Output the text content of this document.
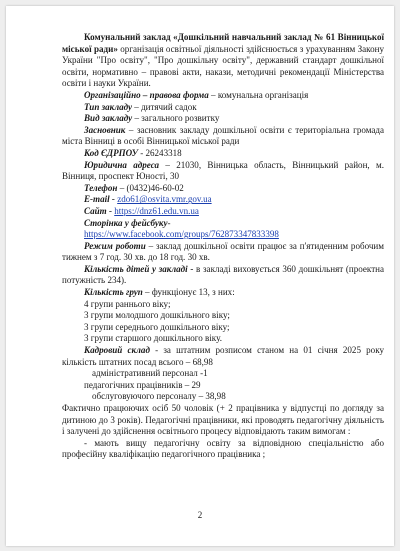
Комунальний заклад «Дошкільний навчальний заклад № 61 Вінницької міської ради» організація освітньої діяльності здійснюється з урахуванням Закону України "Про освіту", "Про дошкільну освіту", державний стандарт дошкільної освіти, нормативно – правові акти, накази, методичні рекомендації Міністерства освіти і науки України.

Організаційно – правова форма – комунальна організація

Тип закладу – дитячий садок

Вид закладу – загального розвитку

Засновник – засновник закладу дошкільної освіти є територіальна громада міста Вінниці в особі Вінницької міської ради

Код ЄДРПОУ - 26243318

Юридична адреса – 21030, Вінницька область, Вінницький район, м. Вінниця, проспект Юності, 30

Телефон – (0432)46-60-02

E-mail - zdo61@osvita.vmr.gov.ua

Сайт - https://dnz61.edu.vn.ua

Сторінка у фейсбуку-

https://www.facebook.com/groups/762873347833398

Режим роботи – заклад дошкільної освіти працює за п'ятиденним робочим тижнем з 7 год. 30 хв. до 18 год. 30 хв.

Кількість дітей у закладі - в закладі виховується 360 дошкільнят (проектна потужність 234).

Кількість груп – функціонує 13, з них:

4 групи раннього віку;

3 групи молодшого дошкільного віку;

3 групи середнього дошкільного віку;

3 групи старшого дошкільного віку.

Кадровий склад - за штатним розписом станом на 01 січня 2025 року кількість штатних посад всього – 68,98

адміністративний персонал -1

педагогічних працівників – 29

обслуговуючого персоналу – 38,98

Фактично працюючих осіб 50 чоловік (+ 2 працівника у відпустці по догляду за дитиною до 3 років). Педагогічні працівники, які проводять педагогічну діяльність і залучені до здійснення освітнього процесу відповідають таким вимогам :

- мають вищу педагогічну освіту за відповідною спеціальністю або професійну кваліфікацію педагогічного працівника ;

2
